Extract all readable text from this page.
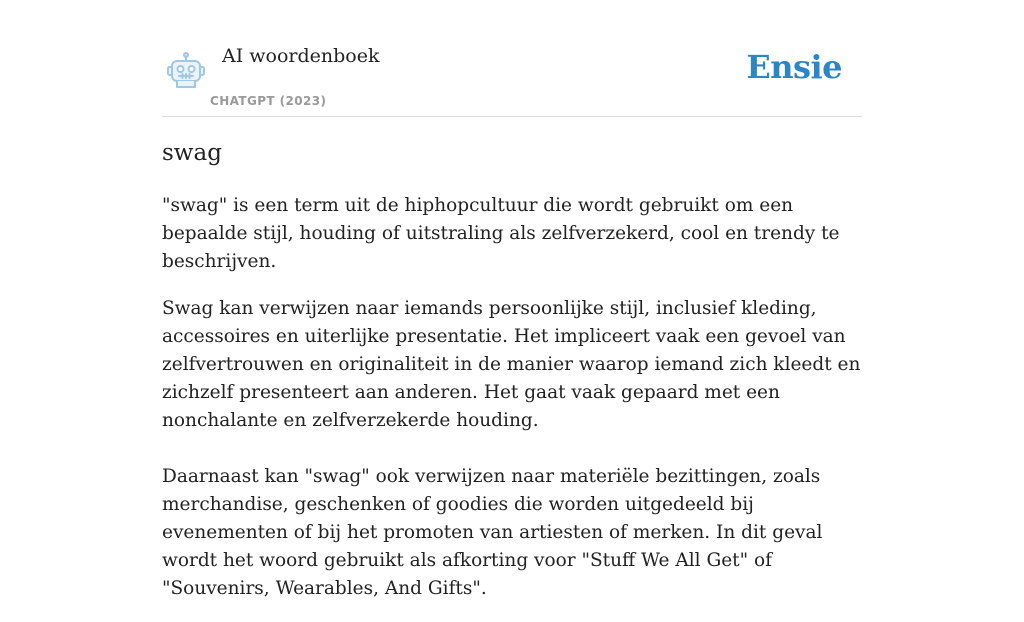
AI woordenboek
CHATGPT (2023)
Ensie
swag

"swag" is een term uit de hiphopcultuur die wordt gebruikt om een bepaalde stijl, houding of uitstraling als zelfverzekerd, cool en trendy te beschrijven.

Swag kan verwijzen naar iemands persoonlijke stijl, inclusief kleding, accessoires en uiterlijke presentatie. Het impliceert vaak een gevoel van zelfvertrouwen en originaliteit in de manier waarop iemand zich kleedt en zichzelf presenteert aan anderen. Het gaat vaak gepaard met een nonchalante en zelfverzekerde houding.

Daarnaast kan "swag" ook verwijzen naar materiële bezittingen, zoals merchandise, geschenken of goodies die worden uitgedeeld bij evenementen of bij het promoten van artiesten of merken. In dit geval wordt het woord gebruikt als afkorting voor "Stuff We All Get" of "Souvenirs, Wearables, And Gifts".
